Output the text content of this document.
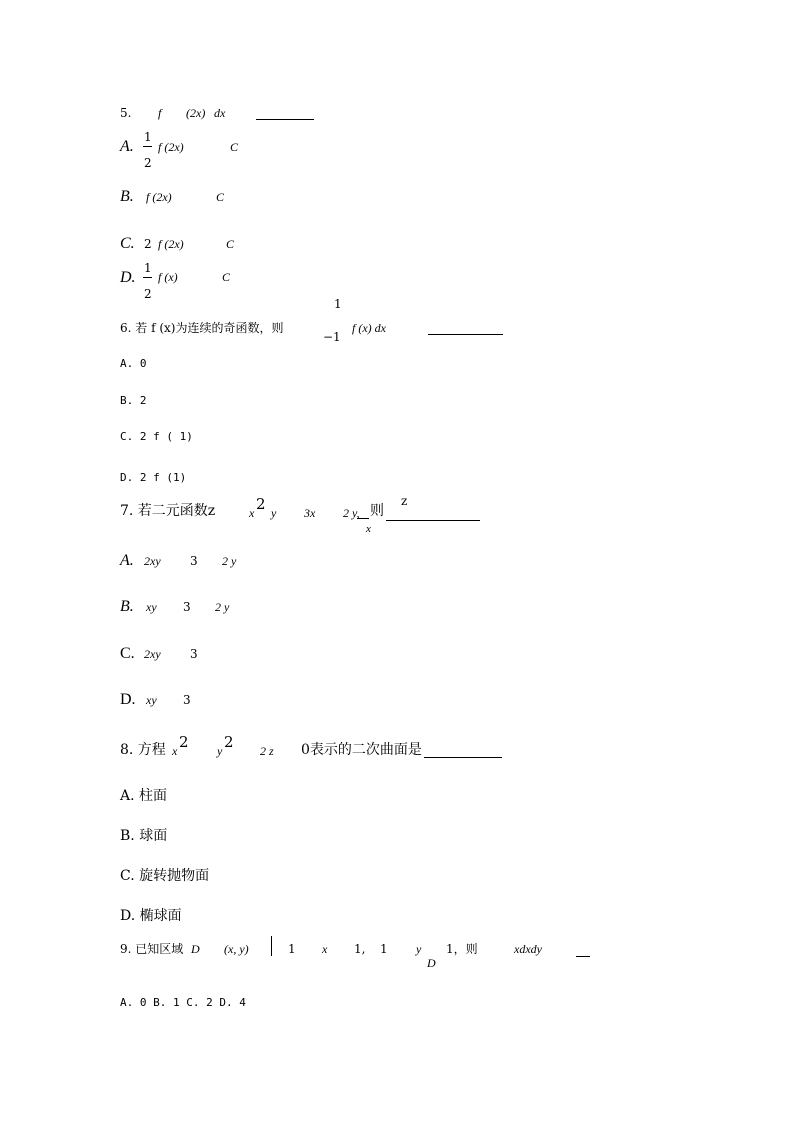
5. f (2x) dx
A.
1
2
f (2x)	C
B. f (2x)	C
C. 2 f (2x)	C
D.
1
2
f (x)	C
1
6. 若 f (x)为连续的奇函数，则
−1
f (x) dx
A. 0
B. 2
C. 2 f ( 1)
D. 2 f (1)
7. 若二元函数z	x 2 y 3x 2 y, 则
z
x
A. 2xy 3 2 y
B. xy 3 2 y
C. 2xy 3
D. xy 3
8. 方程 x 2 y 2 2 z 0表示的二次曲面是
A. 柱面
B. 球面
C. 旋转抛物面
D. 椭球面
9. 已知区域 D (x, y)	1 x 1, 1 y
D
1，则	xdxdy
A. 0 B. 1 C. 2 D. 4
